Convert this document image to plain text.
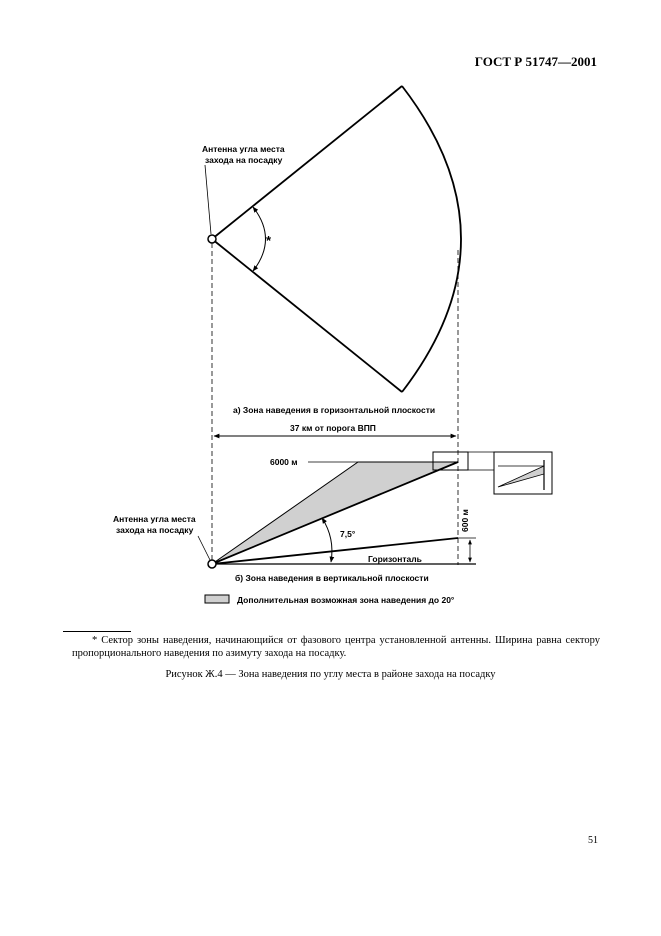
ГОСТ Р 51747—2001
*
Антенна угла места
захода на посадку
а) Зона наведения в горизонтальной плоскости
37 км от порога ВПП
6000 м
Горизонталь
7,5°
600 м
Антенна угла места
захода на посадку
б) Зона наведения в вертикальной плоскости
Дополнительная возможная зона наведения до 20°
* Сектор зоны наведения, начинающийся от фазового центра установленной антенны. Ширина равна сектору пропорционального наведения по азимуту захода на посадку.
Рисунок Ж.4 — Зона наведения по углу места в районе захода на посадку
51
